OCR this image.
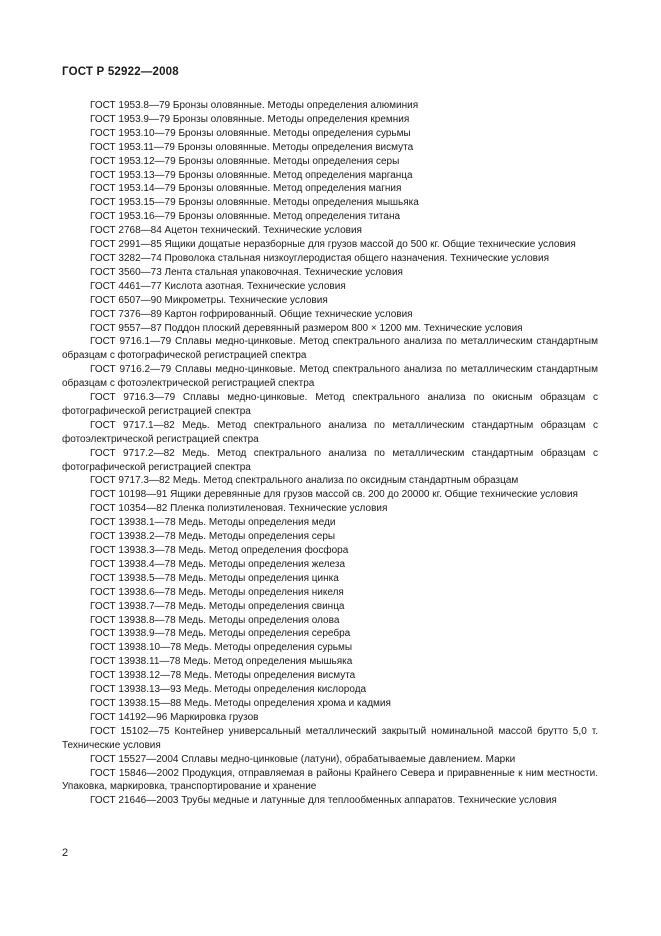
ГОСТ Р 52922—2008
ГОСТ 1953.8—79 Бронзы оловянные. Методы определения алюминия
ГОСТ 1953.9—79 Бронзы оловянные. Методы определения кремния
ГОСТ 1953.10—79 Бронзы оловянные. Методы определения сурьмы
ГОСТ 1953.11—79 Бронзы оловянные. Методы определения висмута
ГОСТ 1953.12—79 Бронзы оловянные. Методы определения серы
ГОСТ 1953.13—79 Бронзы оловянные. Метод определения марганца
ГОСТ 1953.14—79 Бронзы оловянные. Метод определения магния
ГОСТ 1953.15—79 Бронзы оловянные. Методы определения мышьяка
ГОСТ 1953.16—79 Бронзы оловянные. Метод определения титана
ГОСТ 2768—84 Ацетон технический. Технические условия
ГОСТ 2991—85 Ящики дощатые неразборные для грузов массой до 500 кг. Общие технические условия
ГОСТ 3282—74 Проволока стальная низкоуглеродистая общего назначения. Технические условия
ГОСТ 3560—73 Лента стальная упаковочная. Технические условия
ГОСТ 4461—77 Кислота азотная. Технические условия
ГОСТ 6507—90 Микрометры. Технические условия
ГОСТ 7376—89 Картон гофрированный. Общие технические условия
ГОСТ 9557—87 Поддон плоский деревянный размером 800 × 1200 мм. Технические условия
ГОСТ 9716.1—79 Сплавы медно-цинковые. Метод спектрального анализа по металлическим стандартным образцам с фотографической регистрацией спектра
ГОСТ 9716.2—79 Сплавы медно-цинковые. Метод спектрального анализа по металлическим стандартным образцам с фотоэлектрической регистрацией спектра
ГОСТ 9716.3—79 Сплавы медно-цинковые. Метод спектрального анализа по окисным образцам с фотографической регистрацией спектра
ГОСТ 9717.1—82 Медь. Метод спектрального анализа по металлическим стандартным образцам с фотоэлектрической регистрацией спектра
ГОСТ 9717.2—82 Медь. Метод спектрального анализа по металлическим стандартным образцам с фотографической регистрацией спектра
ГОСТ 9717.3—82 Медь. Метод спектрального анализа по оксидным стандартным образцам
ГОСТ 10198—91 Ящики деревянные для грузов массой св. 200 до 20000 кг. Общие технические условия
ГОСТ 10354—82 Пленка полиэтиленовая. Технические условия
ГОСТ 13938.1—78 Медь. Методы определения меди
ГОСТ 13938.2—78 Медь. Методы определения серы
ГОСТ 13938.3—78 Медь. Метод определения фосфора
ГОСТ 13938.4—78 Медь. Методы определения железа
ГОСТ 13938.5—78 Медь. Методы определения цинка
ГОСТ 13938.6—78 Медь. Методы определения никеля
ГОСТ 13938.7—78 Медь. Методы определения свинца
ГОСТ 13938.8—78 Медь. Методы определения олова
ГОСТ 13938.9—78 Медь. Методы определения серебра
ГОСТ 13938.10—78 Медь. Методы определения сурьмы
ГОСТ 13938.11—78 Медь. Метод определения мышьяка
ГОСТ 13938.12—78 Медь. Методы определения висмута
ГОСТ 13938.13—93 Медь. Методы определения кислорода
ГОСТ 13938.15—88 Медь. Методы определения хрома и кадмия
ГОСТ 14192—96 Маркировка грузов
ГОСТ 15102—75 Контейнер универсальный металлический закрытый номинальной массой брутто 5,0 т. Технические условия
ГОСТ 15527—2004 Сплавы медно-цинковые (латуни), обрабатываемые давлением. Марки
ГОСТ 15846—2002 Продукция, отправляемая в районы Крайнего Севера и приравненные к ним местности. Упаковка, маркировка, транспортирование и хранение
ГОСТ 21646—2003 Трубы медные и латунные для теплообменных аппаратов. Технические условия
2
